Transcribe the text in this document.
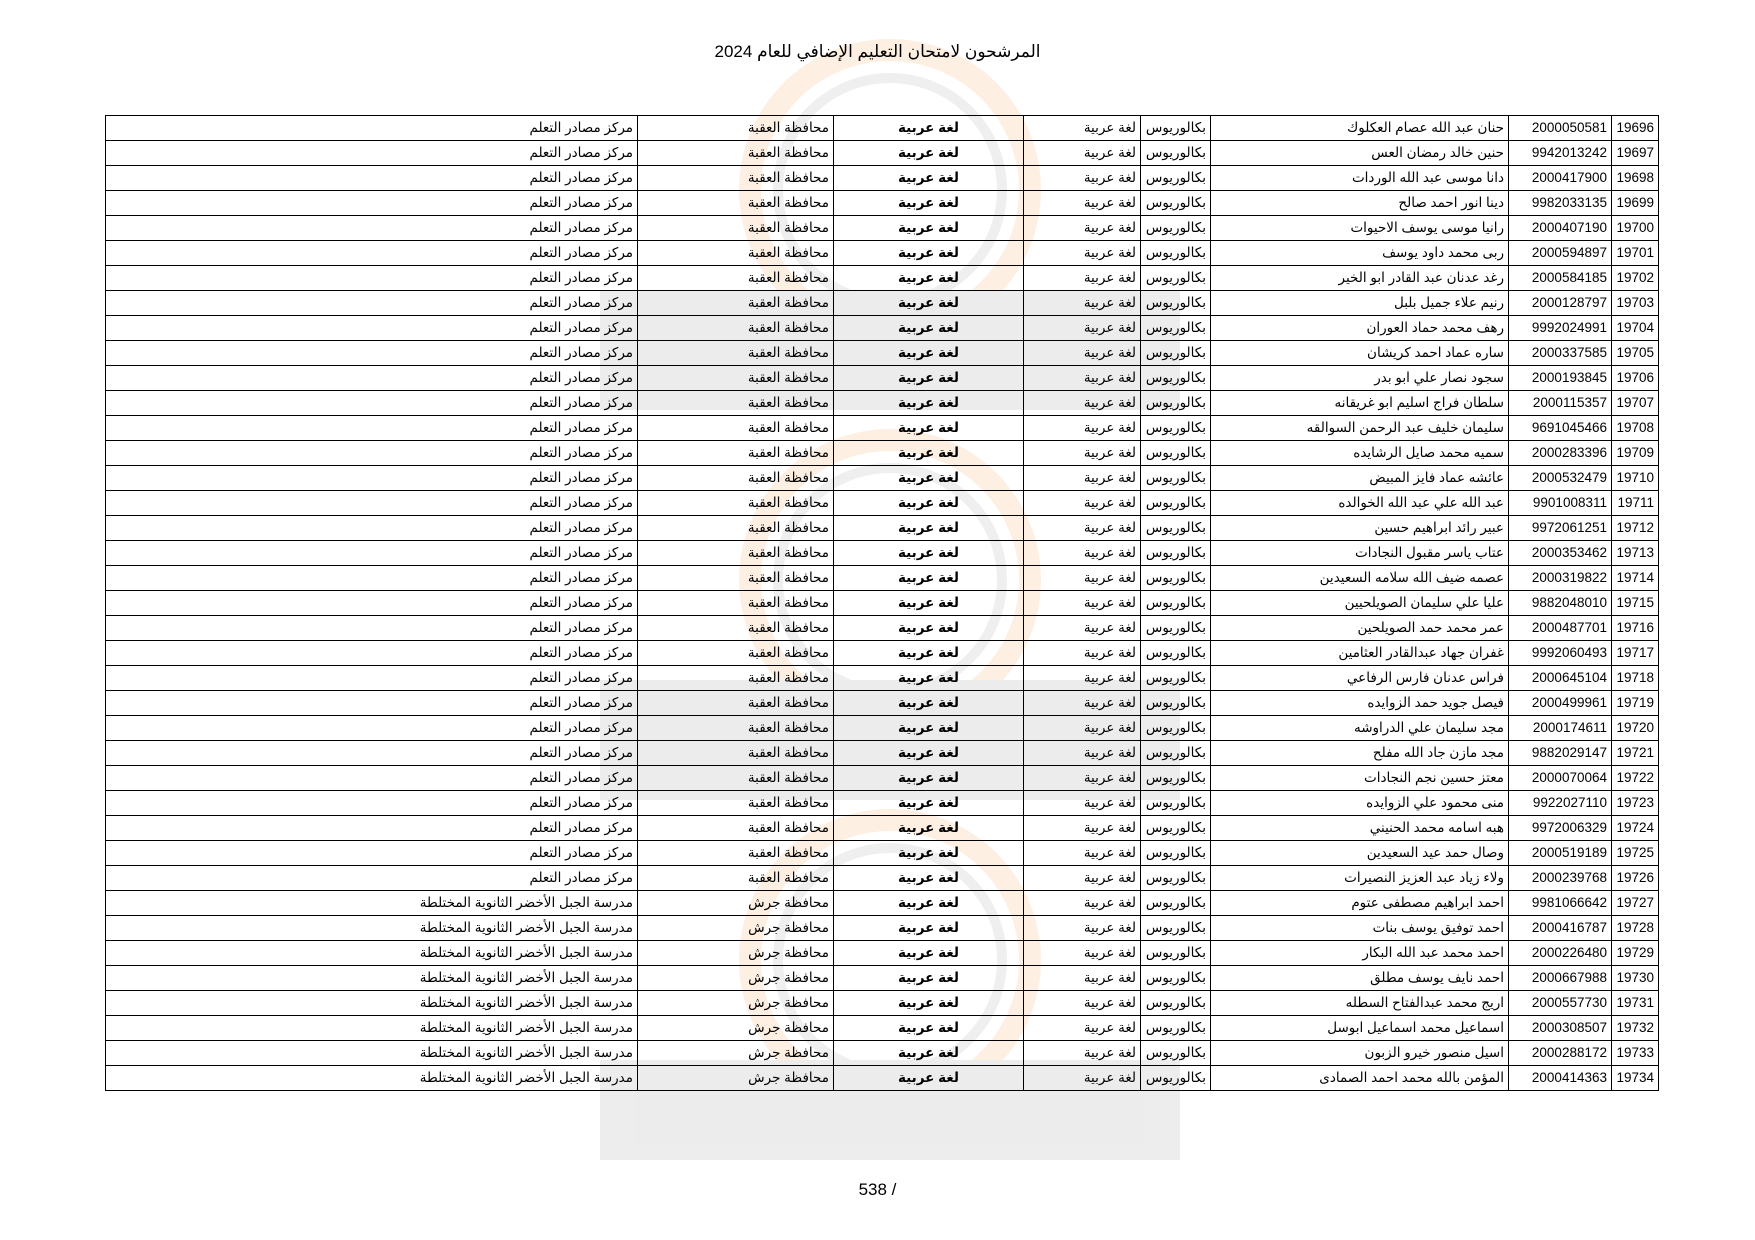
المرشحون لامتحان التعليم الإضافي للعام 2024
19696	2000050581	حنان عبد الله عصام العكلوك	بكالوريوس	لغة عربية	لغة عربية	محافظة العقبة	مركز مصادر التعلم
19697	9942013242	حنين خالد رمضان العس	بكالوريوس	لغة عربية	لغة عربية	محافظة العقبة	مركز مصادر التعلم
19698	2000417900	دانا موسى عبد الله الوردات	بكالوريوس	لغة عربية	لغة عربية	محافظة العقبة	مركز مصادر التعلم
19699	9982033135	دينا انور احمد صالح	بكالوريوس	لغة عربية	لغة عربية	محافظة العقبة	مركز مصادر التعلم
19700	2000407190	رانيا موسى يوسف الاحيوات	بكالوريوس	لغة عربية	لغة عربية	محافظة العقبة	مركز مصادر التعلم
19701	2000594897	ربى محمد داود يوسف	بكالوريوس	لغة عربية	لغة عربية	محافظة العقبة	مركز مصادر التعلم
19702	2000584185	رغد عدنان عبد القادر ابو الخير	بكالوريوس	لغة عربية	لغة عربية	محافظة العقبة	مركز مصادر التعلم
19703	2000128797	رنيم علاء جميل بلبل	بكالوريوس	لغة عربية	لغة عربية	محافظة العقبة	مركز مصادر التعلم
19704	9992024991	رهف محمد حماد العوران	بكالوريوس	لغة عربية	لغة عربية	محافظة العقبة	مركز مصادر التعلم
19705	2000337585	ساره عماد احمد كريشان	بكالوريوس	لغة عربية	لغة عربية	محافظة العقبة	مركز مصادر التعلم
19706	2000193845	سجود نصار علي ابو بدر	بكالوريوس	لغة عربية	لغة عربية	محافظة العقبة	مركز مصادر التعلم
19707	2000115357	سلطان فراج اسليم ابو غريقانه	بكالوريوس	لغة عربية	لغة عربية	محافظة العقبة	مركز مصادر التعلم
19708	9691045466	سليمان خليف عبد الرحمن السوالقه	بكالوريوس	لغة عربية	لغة عربية	محافظة العقبة	مركز مصادر التعلم
19709	2000283396	سميه محمد صايل الرشايده	بكالوريوس	لغة عربية	لغة عربية	محافظة العقبة	مركز مصادر التعلم
19710	2000532479	عائشه عماد فايز المبيض	بكالوريوس	لغة عربية	لغة عربية	محافظة العقبة	مركز مصادر التعلم
19711	9901008311	عبد الله علي عبد الله الخوالده	بكالوريوس	لغة عربية	لغة عربية	محافظة العقبة	مركز مصادر التعلم
19712	9972061251	عبير رائد ابراهيم حسين	بكالوريوس	لغة عربية	لغة عربية	محافظة العقبة	مركز مصادر التعلم
19713	2000353462	عتاب ياسر مقبول النجادات	بكالوريوس	لغة عربية	لغة عربية	محافظة العقبة	مركز مصادر التعلم
19714	2000319822	عصمه ضيف الله سلامه السعيدين	بكالوريوس	لغة عربية	لغة عربية	محافظة العقبة	مركز مصادر التعلم
19715	9882048010	عليا علي سليمان الصويلحيين	بكالوريوس	لغة عربية	لغة عربية	محافظة العقبة	مركز مصادر التعلم
19716	2000487701	عمر محمد حمد الصويلحين	بكالوريوس	لغة عربية	لغة عربية	محافظة العقبة	مركز مصادر التعلم
19717	9992060493	غفران جهاد عبدالقادر العثامين	بكالوريوس	لغة عربية	لغة عربية	محافظة العقبة	مركز مصادر التعلم
19718	2000645104	فراس عدنان فارس الرفاعي	بكالوريوس	لغة عربية	لغة عربية	محافظة العقبة	مركز مصادر التعلم
19719	2000499961	فيصل جويد حمد الزوايده	بكالوريوس	لغة عربية	لغة عربية	محافظة العقبة	مركز مصادر التعلم
19720	2000174611	مجد سليمان علي الدراوشه	بكالوريوس	لغة عربية	لغة عربية	محافظة العقبة	مركز مصادر التعلم
19721	9882029147	مجد مازن جاد الله مفلح	بكالوريوس	لغة عربية	لغة عربية	محافظة العقبة	مركز مصادر التعلم
19722	2000070064	معتز حسين نجم النجادات	بكالوريوس	لغة عربية	لغة عربية	محافظة العقبة	مركز مصادر التعلم
19723	9922027110	منى محمود علي الزوايده	بكالوريوس	لغة عربية	لغة عربية	محافظة العقبة	مركز مصادر التعلم
19724	9972006329	هبه اسامه محمد الحنيني	بكالوريوس	لغة عربية	لغة عربية	محافظة العقبة	مركز مصادر التعلم
19725	2000519189	وصال حمد عيد السعيدين	بكالوريوس	لغة عربية	لغة عربية	محافظة العقبة	مركز مصادر التعلم
19726	2000239768	ولاء زياد عبد العزيز النصيرات	بكالوريوس	لغة عربية	لغة عربية	محافظة العقبة	مركز مصادر التعلم
19727	9981066642	احمد ابراهيم مصطفى عتوم	بكالوريوس	لغة عربية	لغة عربية	محافظة جرش	مدرسة الجبل الأخضر الثانوية المختلطة
19728	2000416787	احمد توفيق يوسف بنات	بكالوريوس	لغة عربية	لغة عربية	محافظة جرش	مدرسة الجبل الأخضر الثانوية المختلطة
19729	2000226480	احمد محمد عبد الله البكار	بكالوريوس	لغة عربية	لغة عربية	محافظة جرش	مدرسة الجبل الأخضر الثانوية المختلطة
19730	2000667988	احمد نايف يوسف مطلق	بكالوريوس	لغة عربية	لغة عربية	محافظة جرش	مدرسة الجبل الأخضر الثانوية المختلطة
19731	2000557730	اريج محمد عبدالفتاح السطله	بكالوريوس	لغة عربية	لغة عربية	محافظة جرش	مدرسة الجبل الأخضر الثانوية المختلطة
19732	2000308507	اسماعيل محمد اسماعيل ابوسل	بكالوريوس	لغة عربية	لغة عربية	محافظة جرش	مدرسة الجبل الأخضر الثانوية المختلطة
19733	2000288172	اسيل منصور خيرو الزبون	بكالوريوس	لغة عربية	لغة عربية	محافظة جرش	مدرسة الجبل الأخضر الثانوية المختلطة
19734	2000414363	المؤمن بالله محمد احمد الصمادى	بكالوريوس	لغة عربية	لغة عربية	محافظة جرش	مدرسة الجبل الأخضر الثانوية المختلطة
538 /
